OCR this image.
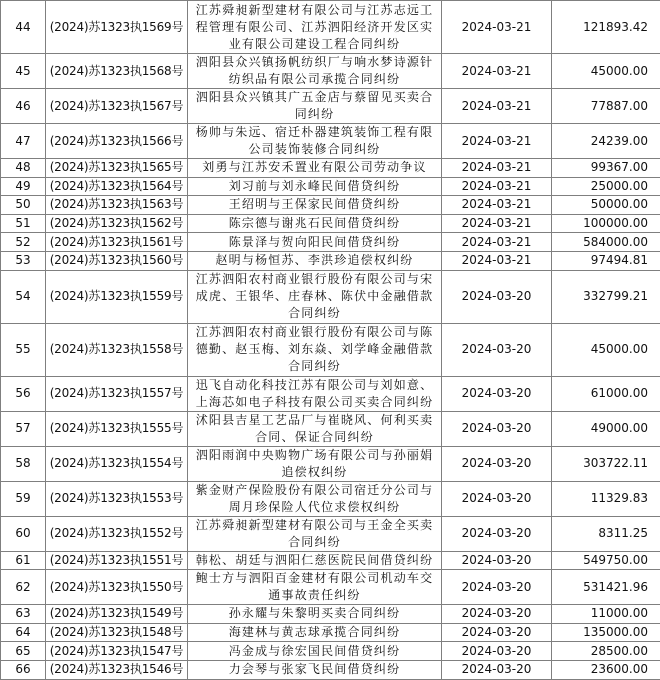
44	(2024)苏1323执1569号	江苏舜昶新型建材有限公司与江苏志远工程管理有限公司、江苏泗阳经济开发区实业有限公司建设工程合同纠纷	2024-03-21	121893.42
45	(2024)苏1323执1568号	泗阳县众兴镇扬帆纺织厂与响水梦诗源针纺织品有限公司承揽合同纠纷	2024-03-21	45000.00
46	(2024)苏1323执1567号	泗阳县众兴镇其广五金店与蔡留见买卖合同纠纷	2024-03-21	77887.00
47	(2024)苏1323执1566号	杨帅与朱远、宿迁朴器建筑装饰工程有限公司装饰装修合同纠纷	2024-03-21	24239.00
48	(2024)苏1323执1565号	刘勇与江苏安禾置业有限公司劳动争议	2024-03-21	99367.00
49	(2024)苏1323执1564号	刘习前与刘永峰民间借贷纠纷	2024-03-21	25000.00
50	(2024)苏1323执1563号	王绍明与王保家民间借贷纠纷	2024-03-21	50000.00
51	(2024)苏1323执1562号	陈宗德与谢兆石民间借贷纠纷	2024-03-21	100000.00
52	(2024)苏1323执1561号	陈景泽与贺向阳民间借贷纠纷	2024-03-21	584000.00
53	(2024)苏1323执1560号	赵明与杨恒苏、李洪珍追偿权纠纷	2024-03-21	97494.81
54	(2024)苏1323执1559号	江苏泗阳农村商业银行股份有限公司与宋成虎、王银华、庄春林、陈伏中金融借款合同纠纷	2024-03-20	332799.21
55	(2024)苏1323执1558号	江苏泗阳农村商业银行股份有限公司与陈德勤、赵玉梅、刘东焱、刘学峰金融借款合同纠纷	2024-03-20	45000.00
56	(2024)苏1323执1557号	迅飞自动化科技江苏有限公司与刘如意、上海芯如电子科技有限公司买卖合同纠纷	2024-03-20	61000.00
57	(2024)苏1323执1555号	沭阳县吉星工艺品厂与崔晓风、何利买卖合同、保证合同纠纷	2024-03-20	49000.00
58	(2024)苏1323执1554号	泗阳雨润中央购物广场有限公司与孙丽娟追偿权纠纷	2024-03-20	303722.11
59	(2024)苏1323执1553号	紫金财产保险股份有限公司宿迁分公司与周月珍保险人代位求偿权纠纷	2024-03-20	11329.83
60	(2024)苏1323执1552号	江苏舜昶新型建材有限公司与王金全买卖合同纠纷	2024-03-20	8311.25
61	(2024)苏1323执1551号	韩松、胡廷与泗阳仁慈医院民间借贷纠纷	2024-03-20	549750.00
62	(2024)苏1323执1550号	鲍士方与泗阳百金建材有限公司机动车交通事故责任纠纷	2024-03-20	531421.96
63	(2024)苏1323执1549号	孙永耀与朱黎明买卖合同纠纷	2024-03-20	11000.00
64	(2024)苏1323执1548号	海建林与黄志球承揽合同纠纷	2024-03-20	135000.00
65	(2024)苏1323执1547号	冯金成与徐宏国民间借贷纠纷	2024-03-20	28500.00
66	(2024)苏1323执1546号	力会琴与张家飞民间借贷纠纷	2024-03-20	23600.00
